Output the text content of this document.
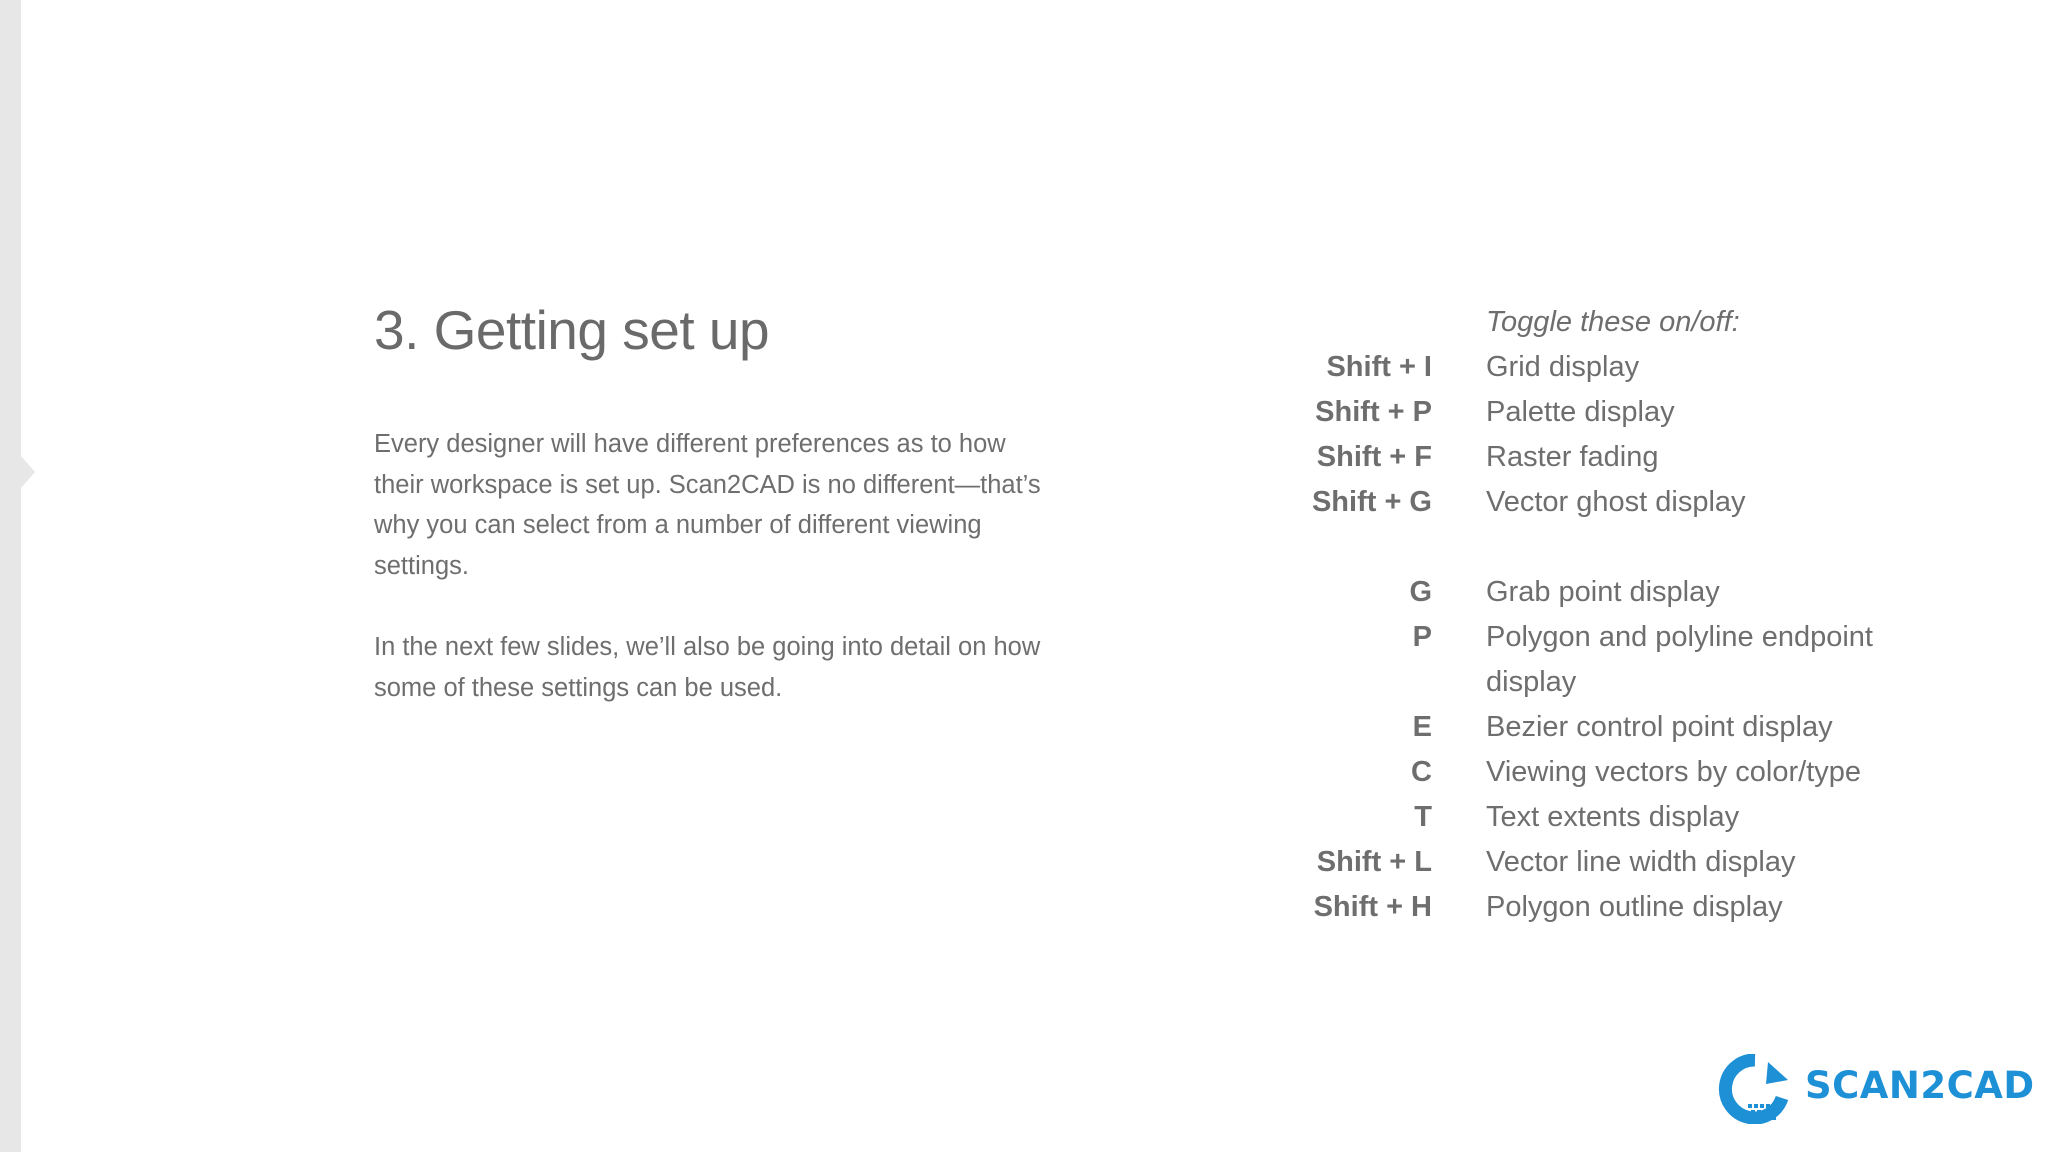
3. Getting set up

Every designer will have different preferences as to how their workspace is set up. Scan2CAD is no different—that’s why you can select from a number of different viewing settings.

In the next few slides, we’ll also be going into detail on how some of these settings can be used.

Toggle these on/off:
Shift + I Grid display
Shift + P Palette display
Shift + F Raster fading
Shift + G Vector ghost display
G Grab point display
P Polygon and polyline endpoint display
E Bezier control point display
C Viewing vectors by color/type
T Text extents display
Shift + L Vector line width display
Shift + H Polygon outline display
SCAN2CAD
